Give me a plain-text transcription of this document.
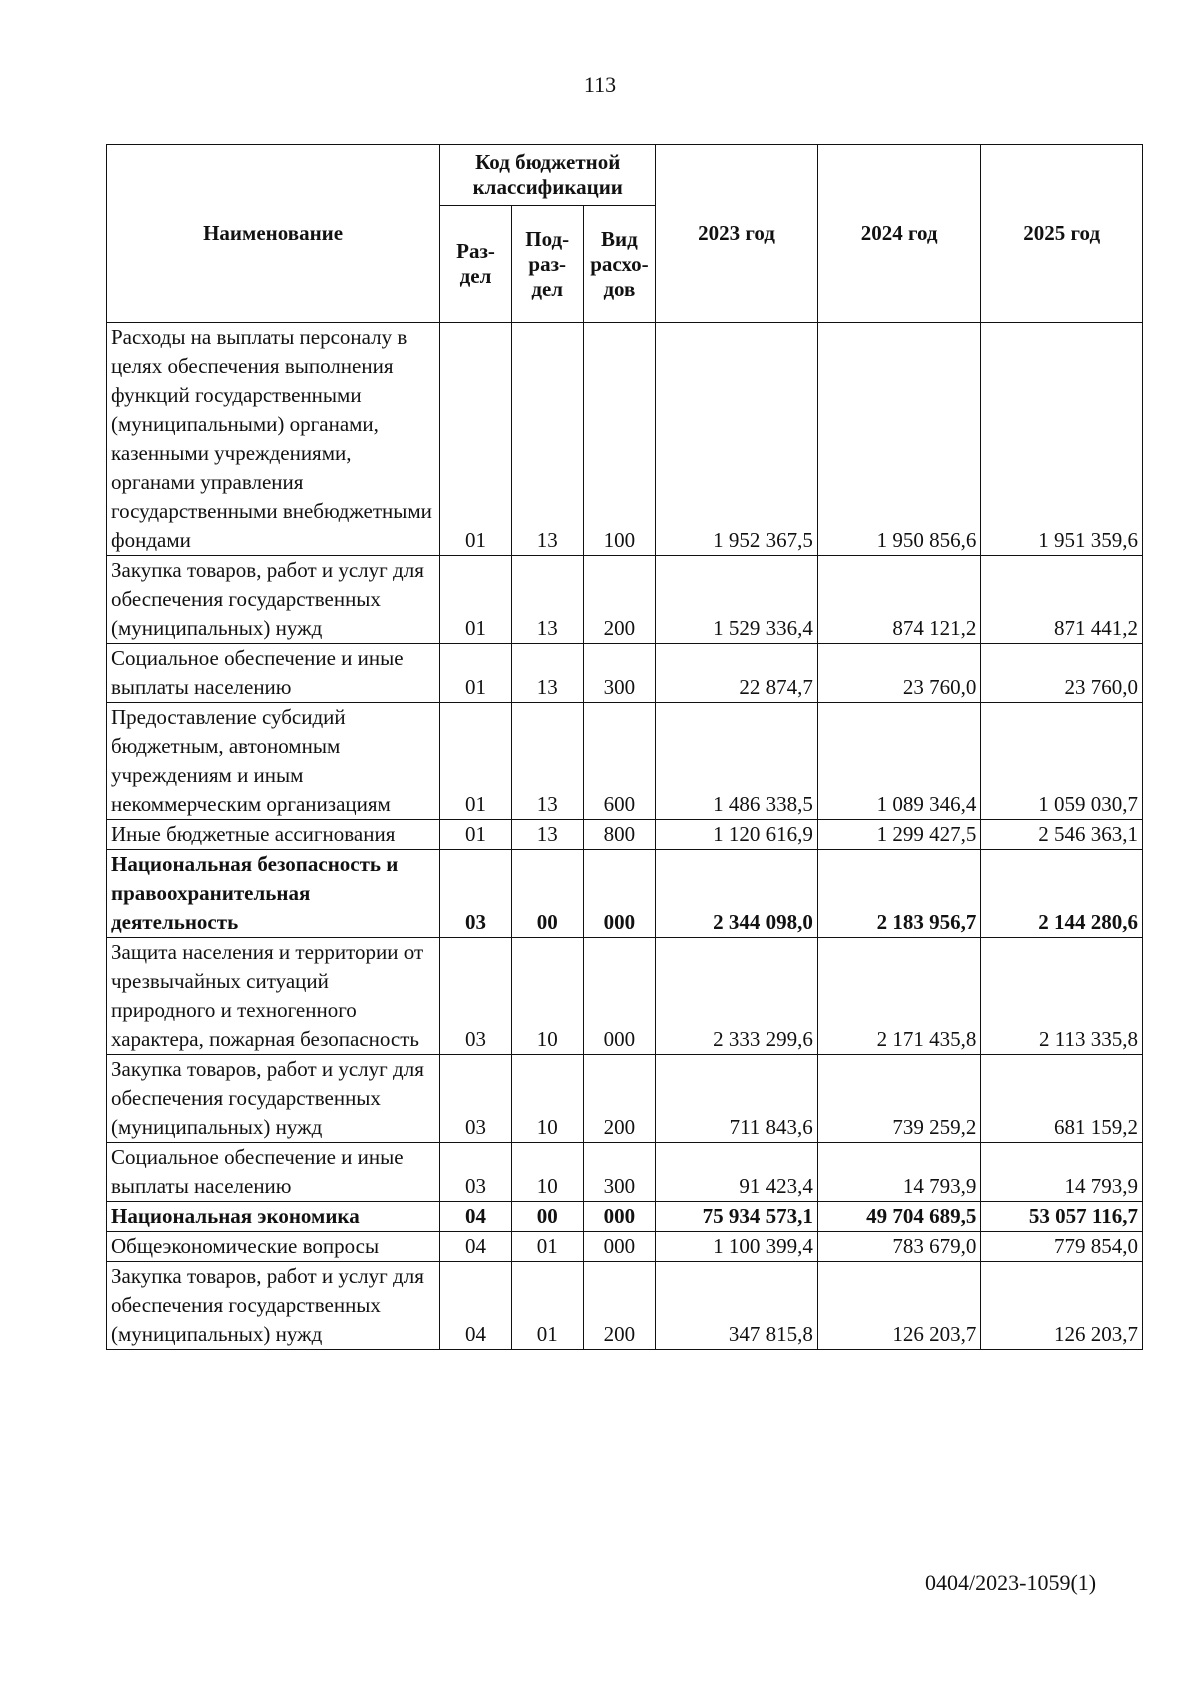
113
Наименование	Код бюджетной классификации			2023 год	2024 год	2025 год
	Раз-дел	Под-раз-дел	Вид расхо-дов			
Расходы на выплаты персоналу в целях обеспечения выполнения функций государственными (муниципальными) органами, казенными учреждениями, органами управления государственными внебюджетными фондами	01	13	100	1 952 367,5	1 950 856,6	1 951 359,6
Закупка товаров, работ и услуг для обеспечения государственных (муниципальных) нужд	01	13	200	1 529 336,4	874 121,2	871 441,2
Социальное обеспечение и иные выплаты населению	01	13	300	22 874,7	23 760,0	23 760,0
Предоставление субсидий бюджетным, автономным учреждениям и иным некоммерческим организациям	01	13	600	1 486 338,5	1 089 346,4	1 059 030,7
Иные бюджетные ассигнования	01	13	800	1 120 616,9	1 299 427,5	2 546 363,1
Национальная безопасность и правоохранительная деятельность	03	00	000	2 344 098,0	2 183 956,7	2 144 280,6
Защита населения и территории от чрезвычайных ситуаций природного и техногенного характера, пожарная безопасность	03	10	000	2 333 299,6	2 171 435,8	2 113 335,8
Закупка товаров, работ и услуг для обеспечения государственных (муниципальных) нужд	03	10	200	711 843,6	739 259,2	681 159,2
Социальное обеспечение и иные выплаты населению	03	10	300	91 423,4	14 793,9	14 793,9
Национальная экономика	04	00	000	75 934 573,1	49 704 689,5	53 057 116,7
Общеэкономические вопросы	04	01	000	1 100 399,4	783 679,0	779 854,0
Закупка товаров, работ и услуг для обеспечения государственных (муниципальных) нужд	04	01	200	347 815,8	126 203,7	126 203,7
0404/2023-1059(1)
